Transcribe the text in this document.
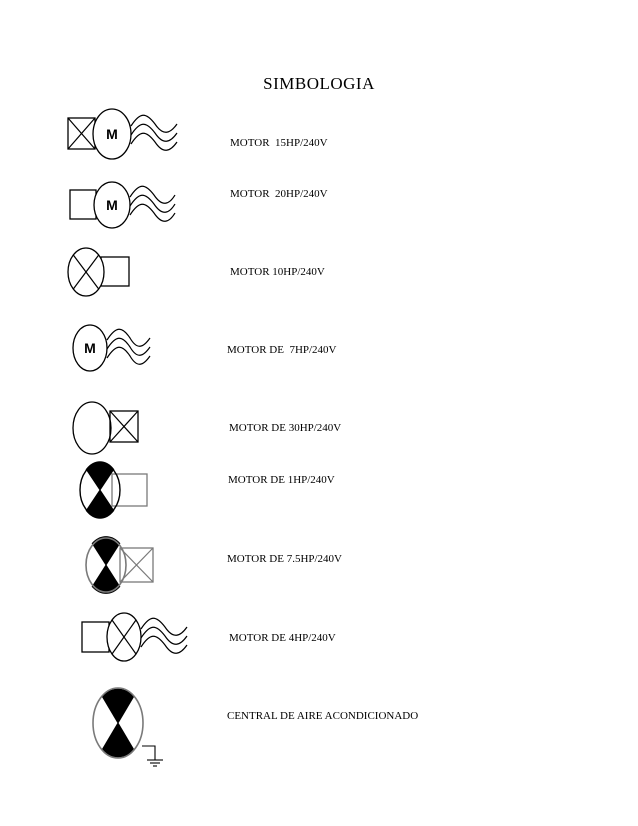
SIMBOLOGIA
M
MOTOR  15HP/240V
M
MOTOR  20HP/240V
MOTOR 10HP/240V
M	MOTOR DE  7HP/240V
MOTOR DE 30HP/240V
MOTOR DE 1HP/240V
MOTOR DE 7.5HP/240V
MOTOR DE 4HP/240V
CENTRAL DE AIRE ACONDICIONADO
